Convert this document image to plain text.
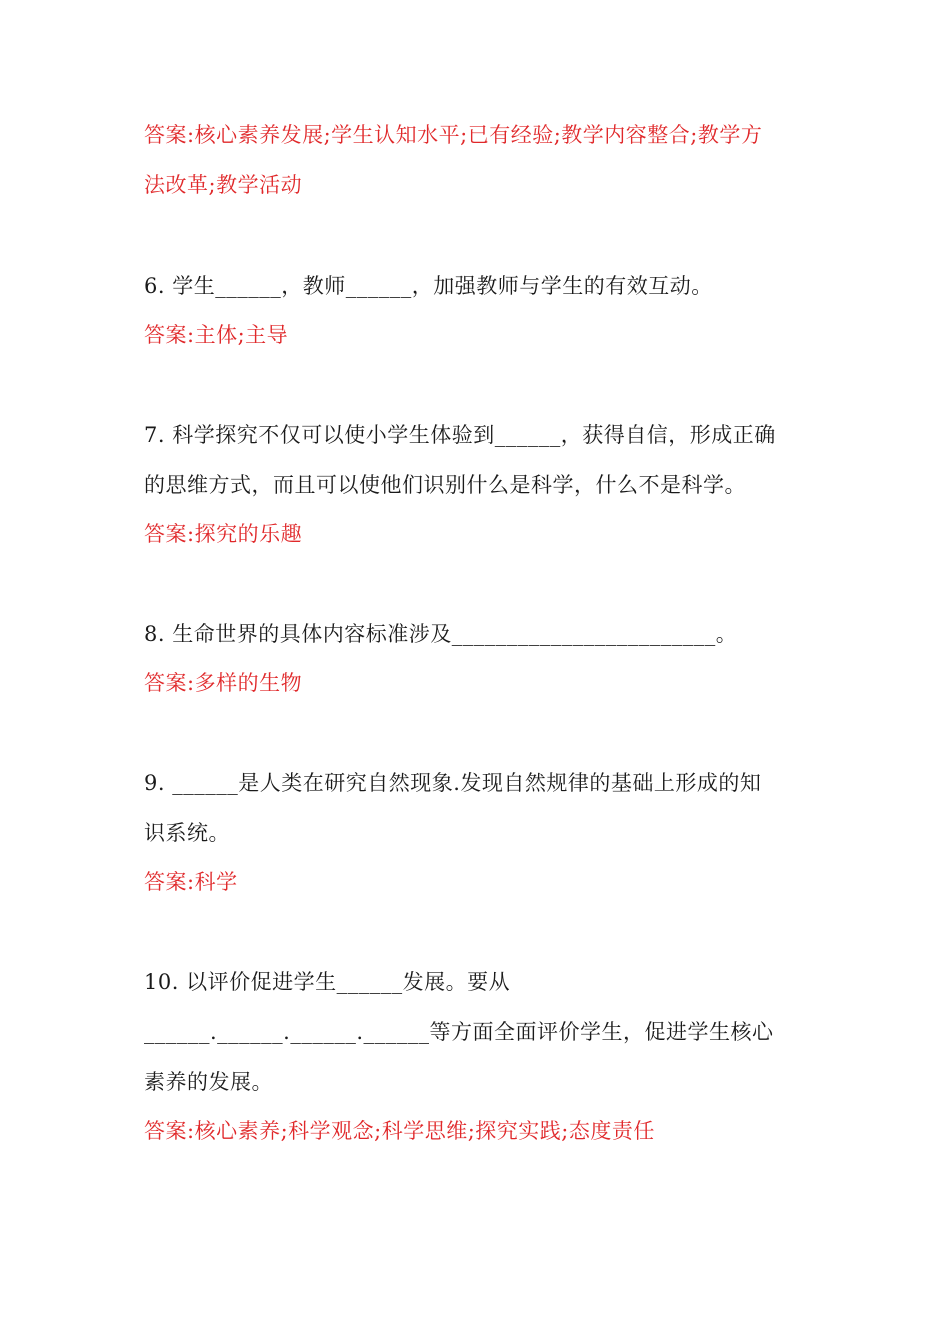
答案:核心素养发展;学生认知水平;已有经验;教学内容整合;教学方
法改革;教学活动
6. 学生______，教师______，加强教师与学生的有效互动。
答案:主体;主导
7. 科学探究不仅可以使小学生体验到______，获得自信，形成正确
的思维方式，而且可以使他们识别什么是科学，什么不是科学。
答案:探究的乐趣
8. 生命世界的具体内容标准涉及________________________。
答案:多样的生物
9. ______是人类在研究自然现象.发现自然规律的基础上形成的知
识系统。
答案:科学
10. 以评价促进学生______发展。要从
______.______.______.______等方面全面评价学生，促进学生核心
素养的发展。
答案:核心素养;科学观念;科学思维;探究实践;态度责任
